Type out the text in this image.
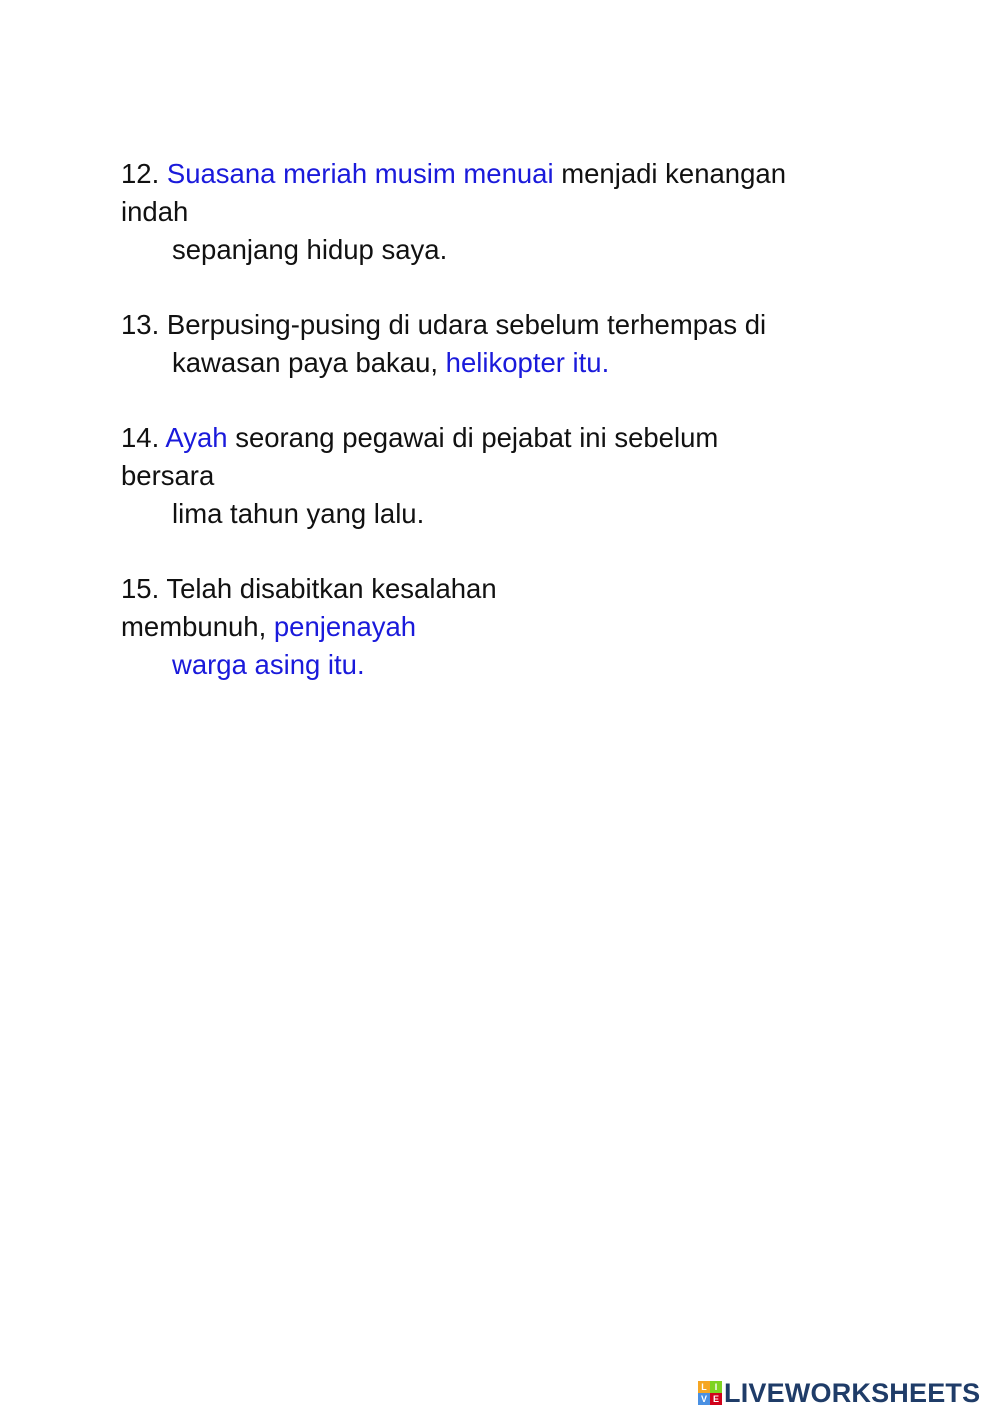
12. Suasana meriah musim menuai menjadi kenangan
indah
sepanjang hidup saya.
13. Berpusing-pusing di udara sebelum terhempas di
kawasan paya bakau, helikopter itu.
14. Ayah seorang pegawai di pejabat ini sebelum
bersara
lima tahun yang lalu.
15. Telah disabitkan kesalahan
membunuh, penjenayah
warga asing itu.
L I
V E LIVEWORKSHEETS
